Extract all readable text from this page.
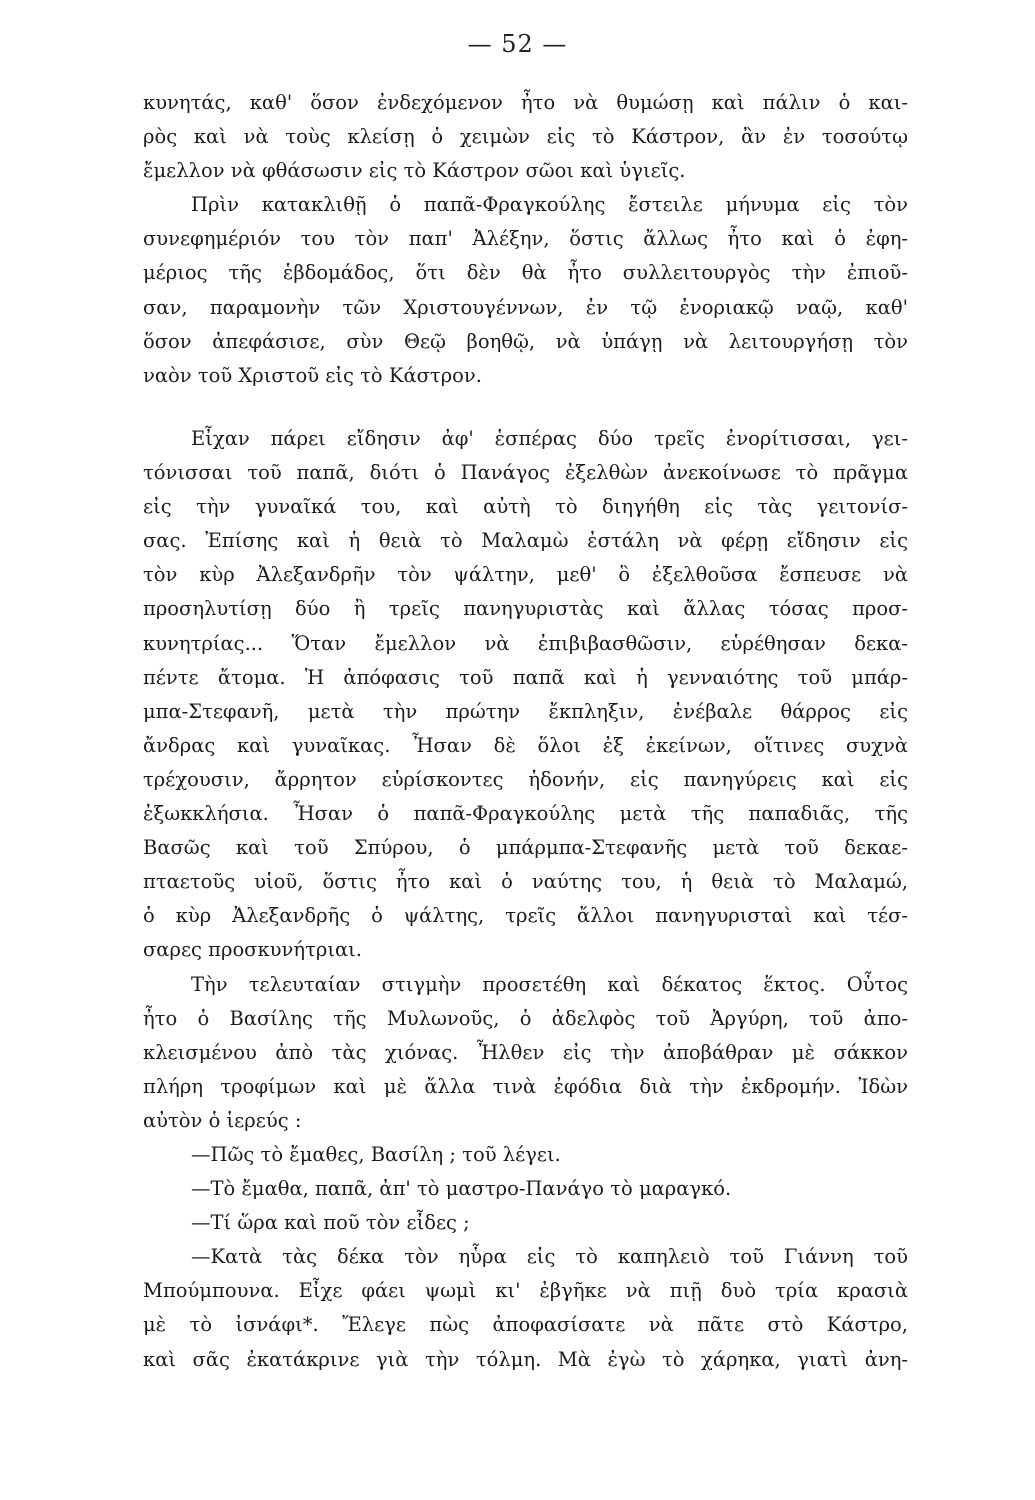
— 52 —
κυνητάς, καθ' ὅσον ἐνδεχόμενον ἦτο νὰ θυμώσῃ καὶ πάλιν ὁ και-
ρὸς καὶ νὰ τοὺς κλείσῃ ὁ χειμὼν εἰς τὸ Κάστρον, ἂν ἐν τοσούτῳ
ἔμελλον νὰ φθάσωσιν εἰς τὸ Κάστρον σῶοι καὶ ὑγιεῖς.
Πρὶν κατακλιθῇ ὁ παπᾶ-Φραγκούλης ἔστειλε μήνυμα εἰς τὸν
συνεφημέριόν του τὸν παπ' Ἀλέξην, ὅστις ἄλλως ἦτο καὶ ὁ ἐφη-
μέριος τῆς ἑβδομάδος, ὅτι δὲν θὰ ἦτο συλλειτουργὸς τὴν ἐπιοῦ-
σαν, παραμονὴν τῶν Χριστουγέννων, ἐν τῷ ἐνοριακῷ ναῷ, καθ'
ὅσον ἀπεφάσισε, σὺν Θεῷ βοηθῷ, νὰ ὑπάγῃ νὰ λειτουργήσῃ τὸν
ναὸν τοῦ Χριστοῦ εἰς τὸ Κάστρον.
Εἶχαν πάρει εἴδησιν ἀφ' ἑσπέρας δύο τρεῖς ἐνορίτισσαι, γει-
τόνισσαι τοῦ παπᾶ, διότι ὁ Πανάγος ἐξελθὼν ἀνεκοίνωσε τὸ πρᾶγμα
εἰς τὴν γυναῖκά του, καὶ αὐτὴ τὸ διηγήθη εἰς τὰς γειτονίσ-
σας. Ἐπίσης καὶ ἡ θειὰ τὸ Μαλαμὼ ἐστάλη νὰ φέρῃ εἴδησιν εἰς
τὸν κὺρ Ἀλεξανδρῆν τὸν ψάλτην, μεθ' ὃ ἐξελθοῦσα ἔσπευσε νὰ
προσηλυτίσῃ δύο ἢ τρεῖς πανηγυριστὰς καὶ ἄλλας τόσας προσ-
κυνητρίας... Ὅταν ἔμελλον νὰ ἐπιβιβασθῶσιν, εὑρέθησαν δεκα-
πέντε ἄτομα. Ἡ ἀπόφασις τοῦ παπᾶ καὶ ἡ γενναιότης τοῦ μπάρ-
μπα-Στεφανῆ, μετὰ τὴν πρώτην ἔκπληξιν, ἐνέβαλε θάρρος εἰς
ἄνδρας καὶ γυναῖκας. Ἦσαν δὲ ὅλοι ἐξ ἐκείνων, οἵτινες συχνὰ
τρέχουσιν, ἄρρητον εὑρίσκοντες ἡδονήν, εἰς πανηγύρεις καὶ εἰς
ἐξωκκλήσια. Ἦσαν ὁ παπᾶ-Φραγκούλης μετὰ τῆς παπαδιᾶς, τῆς
Βασῶς καὶ τοῦ Σπύρου, ὁ μπάρμπα-Στεφανῆς μετὰ τοῦ δεκαε-
πταετοῦς υἱοῦ, ὅστις ἦτο καὶ ὁ ναύτης του, ἡ θειὰ τὸ Μαλαμώ,
ὁ κὺρ Ἀλεξανδρῆς ὁ ψάλτης, τρεῖς ἄλλοι πανηγυρισταὶ καὶ τέσ-
σαρες προσκυνήτριαι.
Τὴν τελευταίαν στιγμὴν προσετέθη καὶ δέκατος ἕκτος. Οὗτος
ἦτο ὁ Βασίλης τῆς Μυλωνοῦς, ὁ ἀδελφὸς τοῦ Ἀργύρη, τοῦ ἀπο-
κλεισμένου ἀπὸ τὰς χιόνας. Ἦλθεν εἰς τὴν ἀποβάθραν μὲ σάκκον
πλήρη τροφίμων καὶ μὲ ἄλλα τινὰ ἐφόδια διὰ τὴν ἐκδρομήν. Ἰδὼν
αὐτὸν ὁ ἱερεύς :
—Πῶς τὸ ἔμαθες, Βασίλη ; τοῦ λέγει.
—Τὸ ἔμαθα, παπᾶ, ἀπ' τὸ μαστρο-Πανάγο τὸ μαραγκό.
—Τί ὥρα καὶ ποῦ τὸν εἶδες ;
—Κατὰ τὰς δέκα τὸν ηὗρα εἰς τὸ καπηλειὸ τοῦ Γιάννη τοῦ
Μπούμπουνα. Εἶχε φάει ψωμὶ κι' ἐβγῆκε νὰ πιῇ δυὸ τρία κρασιὰ
μὲ τὸ ἰσνάφι*. Ἔλεγε πὼς ἀποφασίσατε νὰ πᾶτε στὸ Κάστρο,
καὶ σᾶς ἐκατάκρινε γιὰ τὴν τόλμη. Μὰ ἐγὼ τὸ χάρηκα, γιατὶ ἀνη-
